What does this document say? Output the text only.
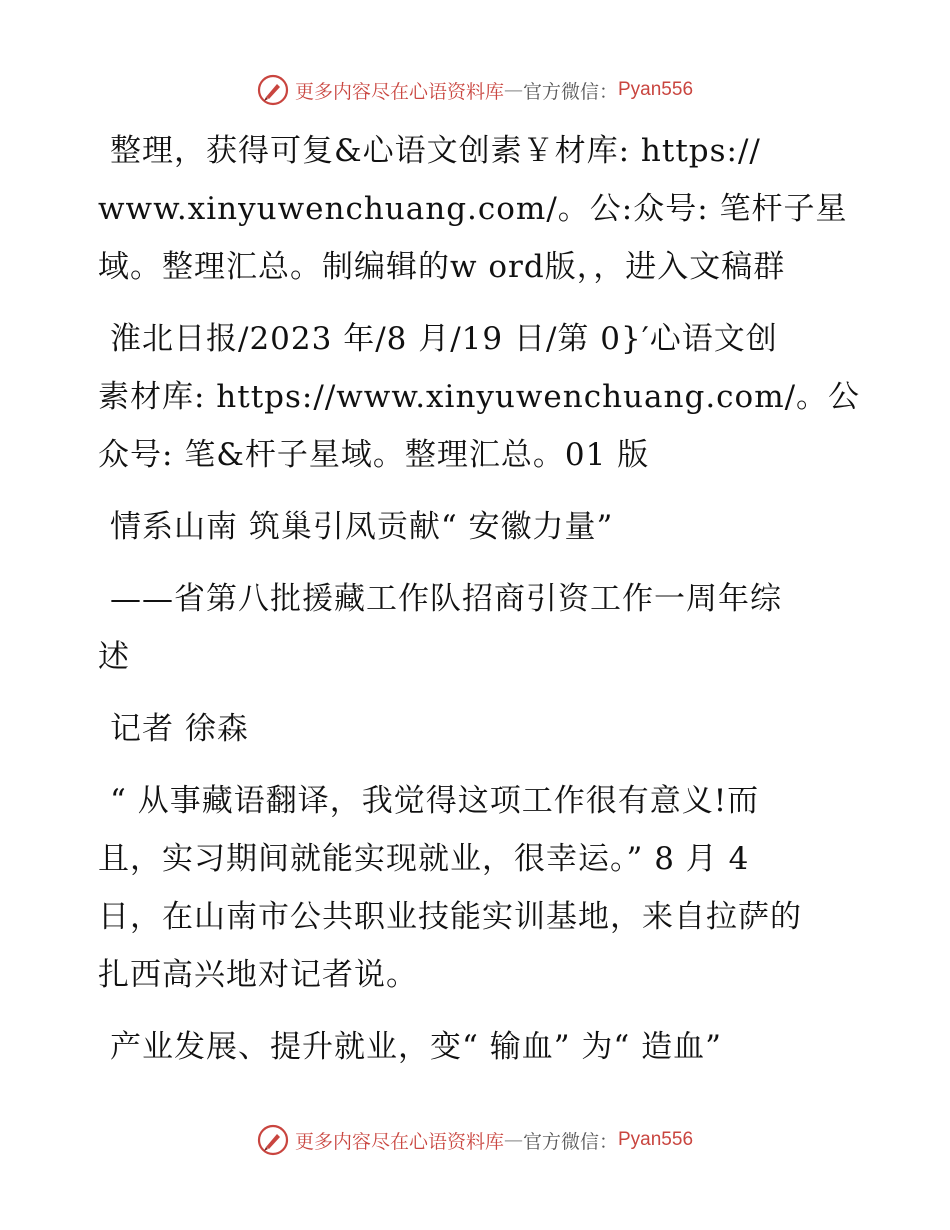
更多内容尽在心语资料库 — 官方微信： Pyan556
整理，获得可复&心语文创素￥材库: https://
www.xinyuwenchuang.com/。公:众号: 笔杆子星
域。整理汇总。制编辑的w ord版，，进入文稿群
淮北日报/2023 年/8 月/19 日/第 0}′心语文创
素材库: https://www.xinyuwenchuang.com/。公
众号: 笔&杆子星域。整理汇总。01 版
情系山南 筑巢引凤贡献“ 安徽力量”
——省第八批援藏工作队招商引资工作一周年综
述
记者 徐森
“ 从事藏语翻译，我觉得这项工作很有意义!而
且，实习期间就能实现就业，很幸运。” 8 月 4
日，在山南市公共职业技能实训基地，来自拉萨的
扎西高兴地对记者说。
产业发展、提升就业，变“ 输血” 为“ 造血”
更多内容尽在心语资料库 — 官方微信： Pyan556
